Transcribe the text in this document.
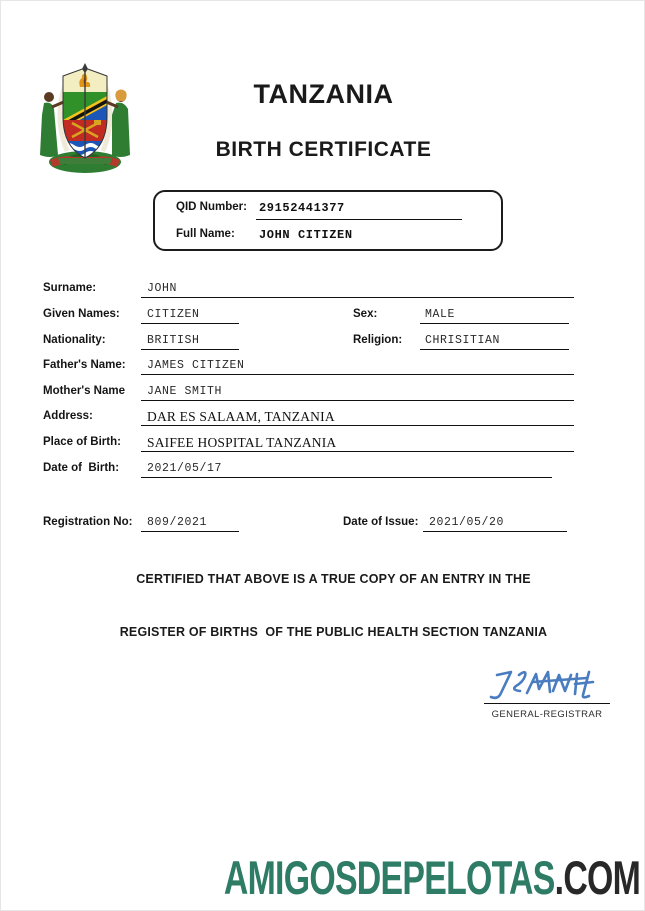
TANZANIA
BIRTH CERTIFICATE
QID Number: 29152441377
Full Name: JOHN CITIZEN
Surname:	JOHN
Given Names: CITIZEN	Sex:	MALE
Nationality:	BRITISH	Religion: CHRISITIAN
Father's Name: JAMES CITIZEN
Mother's Name JANE SMITH
Address:	DAR ES SALAAM, TANZANIA
Place of Birth: SAIFEE HOSPITAL TANZANIA
Date of  Birth: 2021/05/17
Registration No: 809/2021	Date of Issue: 2021/05/20
CERTIFIED THAT ABOVE IS A TRUE COPY OF AN ENTRY IN THE
REGISTER OF BIRTHS  OF THE PUBLIC HEALTH SECTION TANZANIA
GENERAL-REGISTRAR
AMIGOSDEPELOTAS.COM
